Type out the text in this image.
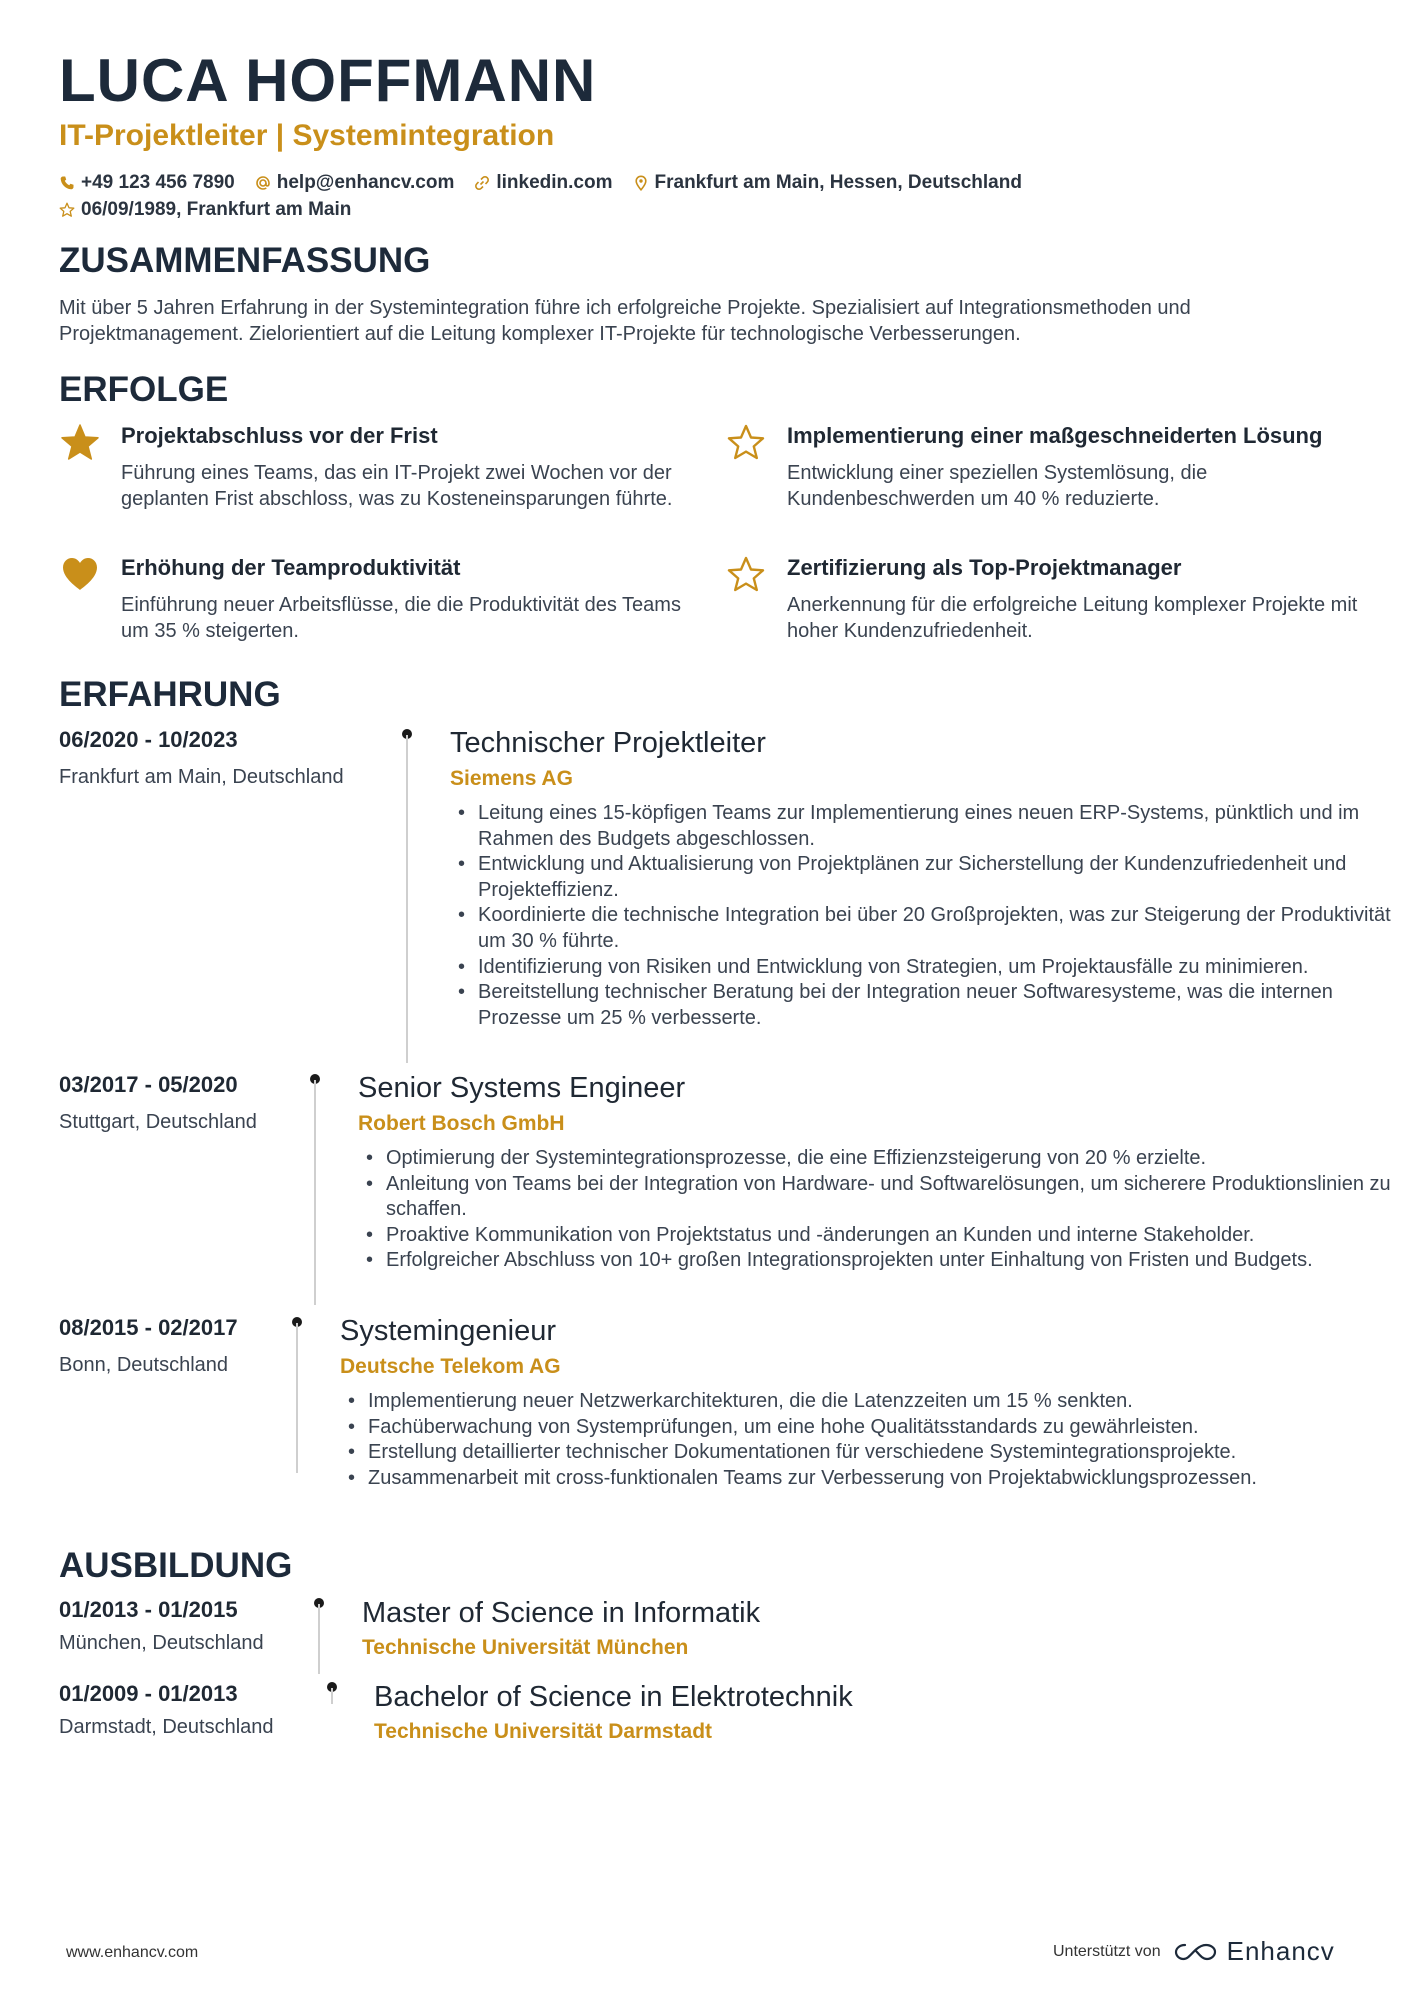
LUCA HOFFMANN
IT-Projektleiter | Systemintegration
+49 123 456 7890 help@enhancv.com linkedin.com Frankfurt am Main, Hessen, Deutschland
06/09/1989, Frankfurt am Main
ZUSAMMENFASSUNG
Mit über 5 Jahren Erfahrung in der Systemintegration führe ich erfolgreiche Projekte. Spezialisiert auf Integrationsmethoden und Projektmanagement. Zielorientiert auf die Leitung komplexer IT-Projekte für technologische Verbesserungen.
ERFOLGE
Projektabschluss vor der Frist
Führung eines Teams, das ein IT-Projekt zwei Wochen vor der geplanten Frist abschloss, was zu Kosteneinsparungen führte.
Implementierung einer maßgeschneiderten Lösung
Entwicklung einer speziellen Systemlösung, die Kundenbeschwerden um 40 % reduzierte.
Erhöhung der Teamproduktivität
Einführung neuer Arbeitsflüsse, die die Produktivität des Teams um 35 % steigerten.
Zertifizierung als Top-Projektmanager
Anerkennung für die erfolgreiche Leitung komplexer Projekte mit hoher Kundenzufriedenheit.
ERFAHRUNG
06/2020 - 10/2023
Frankfurt am Main, Deutschland
Technischer Projektleiter
Siemens AG
• Leitung eines 15-köpfigen Teams zur Implementierung eines neuen ERP-Systems, pünktlich und im Rahmen des Budgets abgeschlossen.
• Entwicklung und Aktualisierung von Projektplänen zur Sicherstellung der Kundenzufriedenheit und Projekteffizienz.
• Koordinierte die technische Integration bei über 20 Großprojekten, was zur Steigerung der Produktivität um 30 % führte.
• Identifizierung von Risiken und Entwicklung von Strategien, um Projektausfälle zu minimieren.
• Bereitstellung technischer Beratung bei der Integration neuer Softwaresysteme, was die internen Prozesse um 25 % verbesserte.
03/2017 - 05/2020
Stuttgart, Deutschland
Senior Systems Engineer
Robert Bosch GmbH
• Optimierung der Systemintegrationsprozesse, die eine Effizienzsteigerung von 20 % erzielte.
• Anleitung von Teams bei der Integration von Hardware- und Softwarelösungen, um sicherere Produktionslinien zu schaffen.
• Proaktive Kommunikation von Projektstatus und -änderungen an Kunden und interne Stakeholder.
• Erfolgreicher Abschluss von 10+ großen Integrationsprojekten unter Einhaltung von Fristen und Budgets.
08/2015 - 02/2017
Bonn, Deutschland
Systemingenieur
Deutsche Telekom AG
• Implementierung neuer Netzwerkarchitekturen, die die Latenzzeiten um 15 % senkten.
• Fachüberwachung von Systemprüfungen, um eine hohe Qualitätsstandards zu gewährleisten.
• Erstellung detaillierter technischer Dokumentationen für verschiedene Systemintegrationsprojekte.
• Zusammenarbeit mit cross-funktionalen Teams zur Verbesserung von Projektabwicklungsprozessen.
AUSBILDUNG
01/2013 - 01/2015
München, Deutschland
Master of Science in Informatik
Technische Universität München
01/2009 - 01/2013
Darmstadt, Deutschland
Bachelor of Science in Elektrotechnik
Technische Universität Darmstadt
www.enhancv.com	Unterstützt von	Enhancv
